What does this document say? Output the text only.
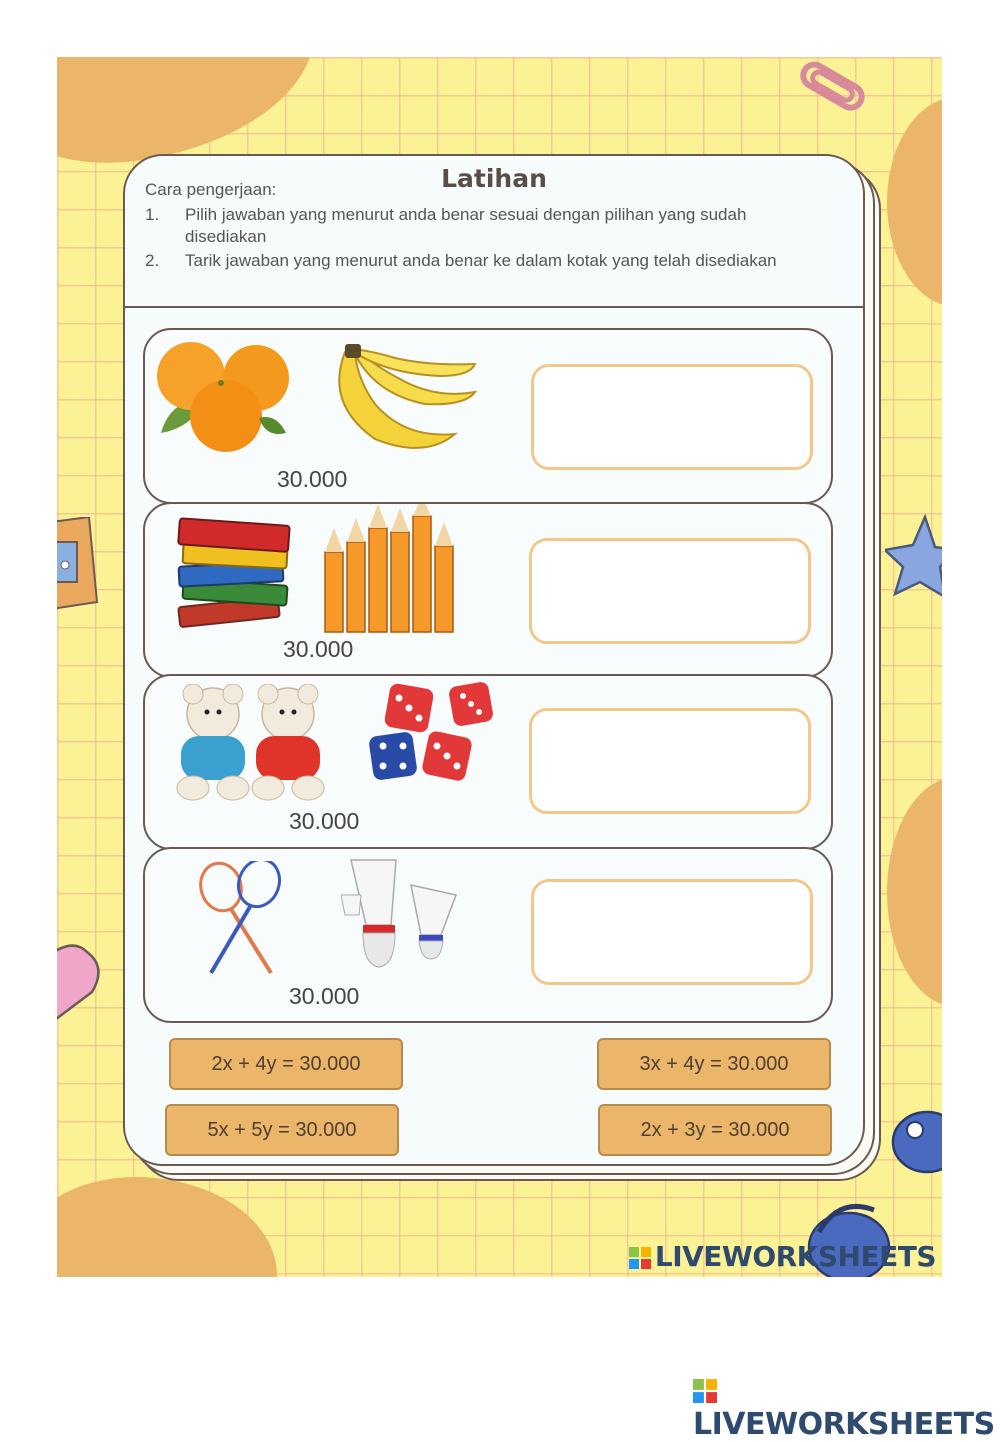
Latihan
Cara pengerjaan:
1. Pilih jawaban yang menurut anda benar sesuai dengan pilihan yang sudah disediakan
2. Tarik jawaban yang menurut anda benar ke dalam kotak yang telah disediakan
30.000
30.000
30.000
30.000
2x + 4y = 30.000	3x + 4y = 30.000
5x + 5y = 30.000	2x + 3y = 30.000
LIVEWORKSHEETS
LIVEWORKSHEETS
